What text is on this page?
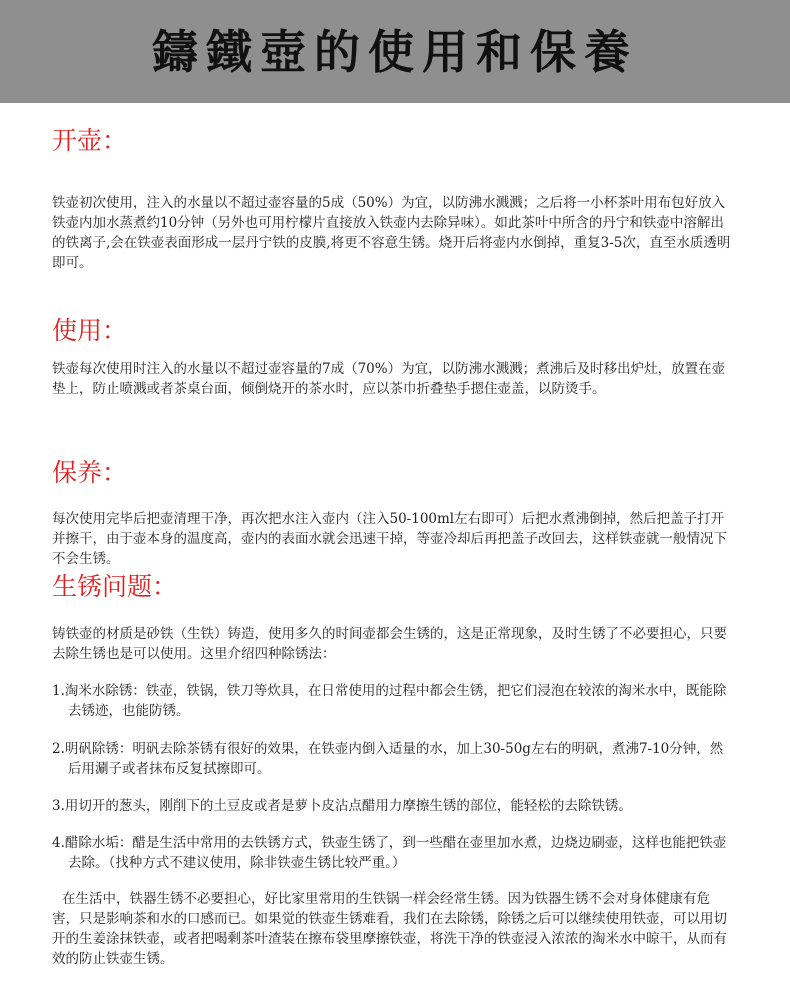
鑄鐵壺的使用和保養
开壶：

铁壶初次使用，注入的水量以不超过壶容量的5成（50%）为宜，以防沸水溅溅；之后将一小杯茶叶用布包好放入铁壶内加水蒸煮约10分钟（另外也可用柠檬片直接放入铁壶内去除异味）。如此茶叶中所含的丹宁和铁壶中溶解出的铁离子,会在铁壶表面形成一层丹宁铁的皮膜,将更不容意生锈。烧开后将壶内水倒掉，重复3-5次，直至水质透明即可。

使用：

铁壶每次使用时注入的水量以不超过壶容量的7成（70%）为宜，以防沸水溅溅；煮沸后及时移出炉灶，放置在壶垫上，防止喷溅或者茶桌台面，倾倒烧开的茶水时，应以茶巾折叠垫手摁住壶盖，以防烫手。

保养：

每次使用完毕后把壶清理干净，再次把水注入壶内（注入50-100ml左右即可）后把水煮沸倒掉，然后把盖子打开并擦干，由于壶本身的温度高，壶内的表面水就会迅速干掉，等壶冷却后再把盖子改回去，这样铁壶就一般情况下不会生锈。

生锈问题：

铸铁壶的材质是砂铁（生铁）铸造，使用多久的时间壶都会生锈的，这是正常现象，及时生锈了不必要担心，只要去除生锈也是可以使用。这里介绍四种除锈法：

1.淘米水除锈：铁壶，铁锅，铁刀等炊具，在日常使用的过程中都会生锈，把它们浸泡在较浓的淘米水中，既能除去锈迹，也能防锈。

2.明矾除锈：明矾去除茶锈有很好的效果，在铁壶内倒入适量的水，加上30-50g左右的明矾，煮沸7-10分钟，然后用涮子或者抹布反复拭擦即可。

3.用切开的葱头，刚削下的土豆皮或者是萝卜皮沾点醋用力摩擦生锈的部位，能轻松的去除铁锈。

4.醋除水垢：醋是生活中常用的去铁锈方式，铁壶生锈了，到一些醋在壶里加水煮，边烧边刷壶，这样也能把铁壶去除。（找种方式不建议使用，除非铁壶生锈比较严重。）

在生活中，铁器生锈不必要担心，好比家里常用的生铁锅一样会经常生锈。因为铁器生锈不会对身体健康有危害，只是影响茶和水的口感而已。如果觉的铁壶生锈难看，我们在去除锈，除锈之后可以继续使用铁壶，可以用切开的生姜涂抹铁壶，或者把喝剩茶叶渣装在擦布袋里摩擦铁壶，将洗干净的铁壶浸入浓浓的淘米水中晾干，从而有效的防止铁壶生锈。
